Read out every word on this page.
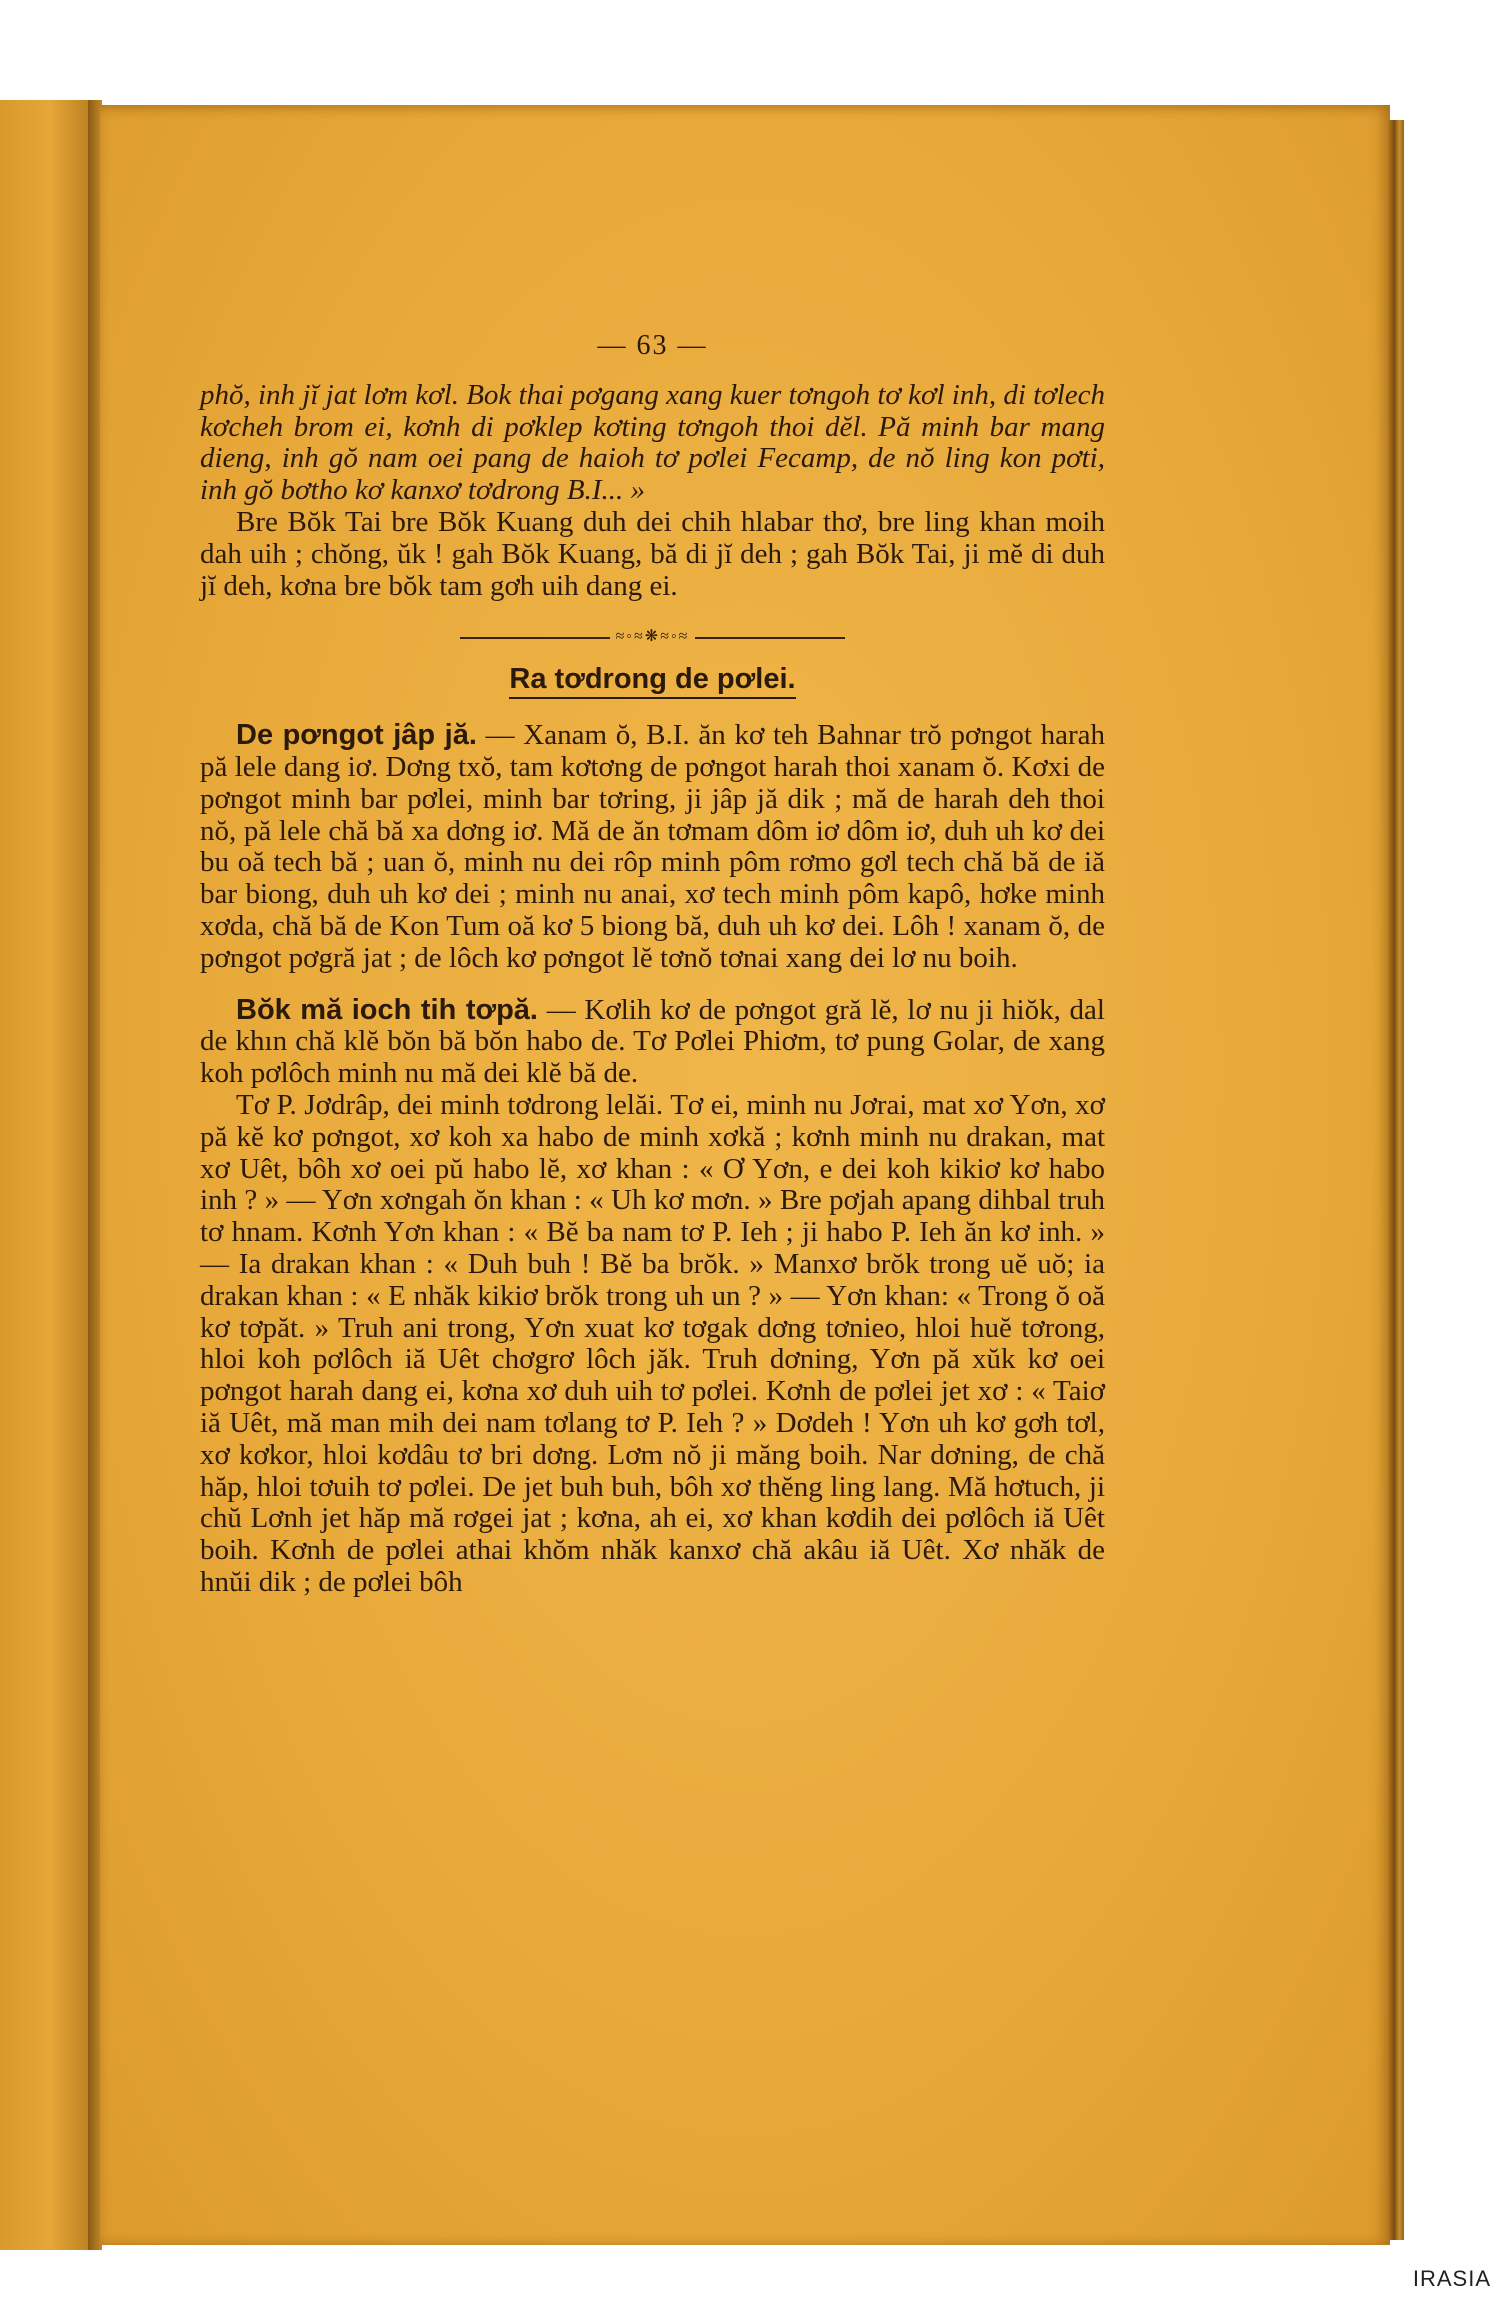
— 63 —

phŏ, inh jĭ jat lơm kơl. Bok thai pơgang xang kuer tơngoh tơ kơl inh, di tơlech kơcheh brom ei, kơnh di pơklep kơting tơngoh thoi dĕl. Pă minh bar mang dieng, inh gŏ nam oei pang de haioh tơ pơlei Fecamp, de nŏ ling kon pơti, inh gŏ bơtho kơ kanxơ tơdrong B.I... »

Bre Bŏk Tai bre Bŏk Kuang duh dei chih hlabar thơ, bre ling khan moih dah uih ; chŏng, ŭk ! gah Bŏk Kuang, bă di jĭ deh ; gah Bŏk Tai, ji mĕ di duh jĭ deh, kơna bre bŏk tam gơh uih dang ei.

≈◦≈❋≈◦≈
Ra tơdrong de pơlei.

De pơngot jâp jă. — Xanam ŏ, B.I. ăn kơ teh Bahnar trŏ pơngot harah pă lele dang iơ. Dơng txŏ, tam kơtơng de pơngot harah thoi xanam ŏ. Kơxi de pơngot minh bar pơlei, minh bar tơring, ji jâp jă dik ; mă de harah deh thoi nŏ, pă lele chă bă xa dơng iơ. Mă de ăn tơmam dôm iơ dôm iơ, duh uh kơ dei bu oă tech bă ; uan ŏ, minh nu dei rôp minh pôm rơmo gơl tech chă bă de iă bar biong, duh uh kơ dei ; minh nu anai, xơ tech minh pôm kapô, hơke minh xơda, chă bă de Kon Tum oă kơ 5 biong bă, duh uh kơ dei. Lôh ! xanam ŏ, de pơngot pơgră jat ; de lôch kơ pơngot lĕ tơnŏ tơnai xang dei lơ nu boih.

Bŏk mă ioch tih tơpă. — Kơlih kơ de pơngot gră lĕ, lơ nu ji hiŏk, dal de khın chă klĕ bŏn bă bŏn habo de. Tơ Pơlei Phiơm, tơ pung Golar, de xang koh pơlôch minh nu mă dei klĕ bă de.

Tơ P. Jơdrâp, dei minh tơdrong lelăi. Tơ ei, minh nu Jơrai, mat xơ Yơn, xơ pă kĕ kơ pơngot, xơ koh xa habo de minh xơkă ; kơnh minh nu drakan, mat xơ Uêt, bôh xơ oei pŭ habo lĕ, xơ khan : « Ơ Yơn, e dei koh kikiơ kơ habo inh ? » — Yơn xơngah ŏn khan : « Uh kơ mơn. » Bre pơjah apang dihbal truh tơ hnam. Kơnh Yơn khan : « Bĕ ba nam tơ P. Ieh ; ji habo P. Ieh ăn kơ inh. » — Ia drakan khan : « Duh buh ! Bĕ ba brŏk. » Manxơ brŏk trong uĕ uŏ; ia drakan khan : « E nhăk kikiơ brŏk trong uh un ? » — Yơn khan: « Trong ŏ oă kơ tơpăt. » Truh ani trong, Yơn xuat kơ tơgak dơng tơnieo, hloi huĕ tơrong, hloi koh pơlôch iă Uêt chơgrơ lôch jăk. Truh dơning, Yơn pă xŭk kơ oei pơngot harah dang ei, kơna xơ duh uih tơ pơlei. Kơnh de pơlei jet xơ : « Taiơ iă Uêt, mă man mih dei nam tơlang tơ P. Ieh ? » Dơdeh ! Yơn uh kơ gơh tơl, xơ kơkor, hloi kơdâu tơ bri dơng. Lơm nŏ ji măng boih. Nar dơning, de chă hăp, hloi tơuih tơ pơlei. De jet buh buh, bôh xơ thĕng ling lang. Mă hơtuch, ji chŭ Lơnh jet hăp mă rơgei jat ; kơna, ah ei, xơ khan kơdih dei pơlôch iă Uêt boih. Kơnh de pơlei athai khŏm nhăk kanxơ chă akâu iă Uêt. Xơ nhăk de hnŭi dik ; de pơlei bôh

IRASIA
